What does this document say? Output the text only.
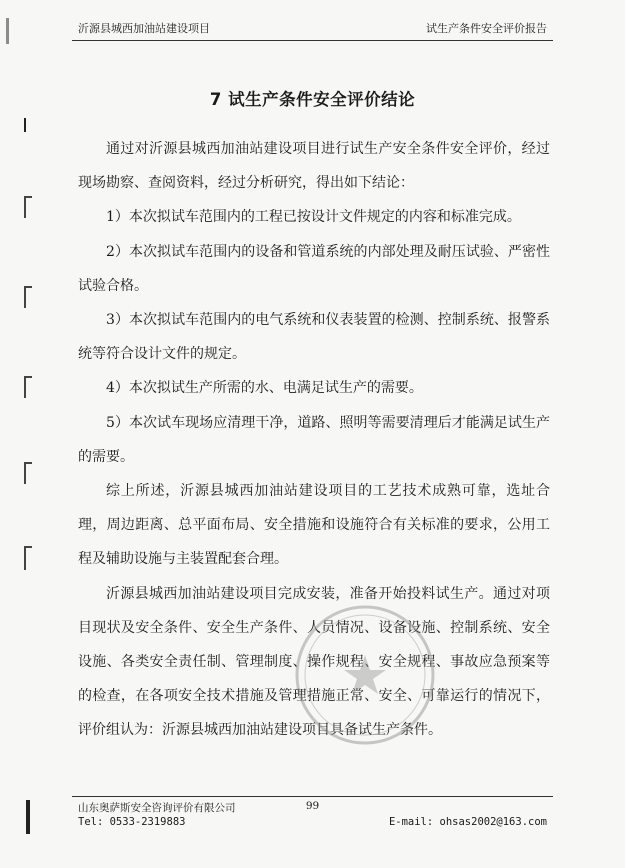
沂源县城西加油站建设项目	试生产条件安全评价报告
7 试生产条件安全评价结论

通过对沂源县城西加油站建设项目进行试生产安全条件安全评价，经过现场勘察、查阅资料，经过分析研究，得出如下结论：

1）本次拟试车范围内的工程已按设计文件规定的内容和标准完成。

2）本次拟试车范围内的设备和管道系统的内部处理及耐压试验、严密性试验合格。

3）本次拟试车范围内的电气系统和仪表装置的检测、控制系统、报警系统等符合设计文件的规定。

4）本次拟试生产所需的水、电满足试生产的需要。

5）本次试车现场应清理干净，道路、照明等需要清理后才能满足试生产的需要。

综上所述，沂源县城西加油站建设项目的工艺技术成熟可靠，选址合理，周边距离、总平面布局、安全措施和设施符合有关标准的要求，公用工程及辅助设施与主装置配套合理。

沂源县城西加油站建设项目完成安装，准备开始投料试生产。通过对项目现状及安全条件、安全生产条件、人员情况、设备设施、控制系统、安全设施、各类安全责任制、管理制度、操作规程、安全规程、事故应急预案等的检查，在各项安全技术措施及管理措施正常、安全、可靠运行的情况下，评价组认为：沂源县城西加油站建设项目具备试生产条件。

山东奥萨斯安全咨询评价有限公司	99
Tel: 0533-2319883	E-mail: ohsas2002@163.com
